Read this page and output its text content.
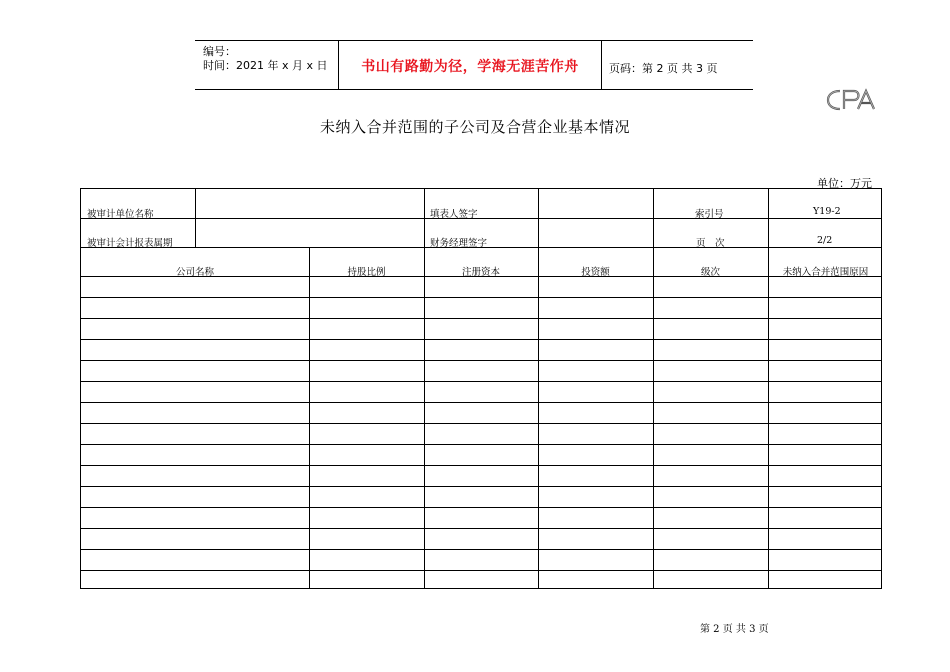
编号：
时间：2021 年 x 月 x 日	书山有路勤为径，学海无涯苦作舟	页码：第 2 页 共 3 页
未纳入合并范围的子公司及合营企业基本情况
单位：万元
被审计单位名称	填表人签字	索引号	Y19-2
被审计会计报表属期	财务经理签字	页　次	2/2
公司名称	持股比例	注册资本	投资额	级次	未纳入合并范围原因
第 2 页 共 3 页
